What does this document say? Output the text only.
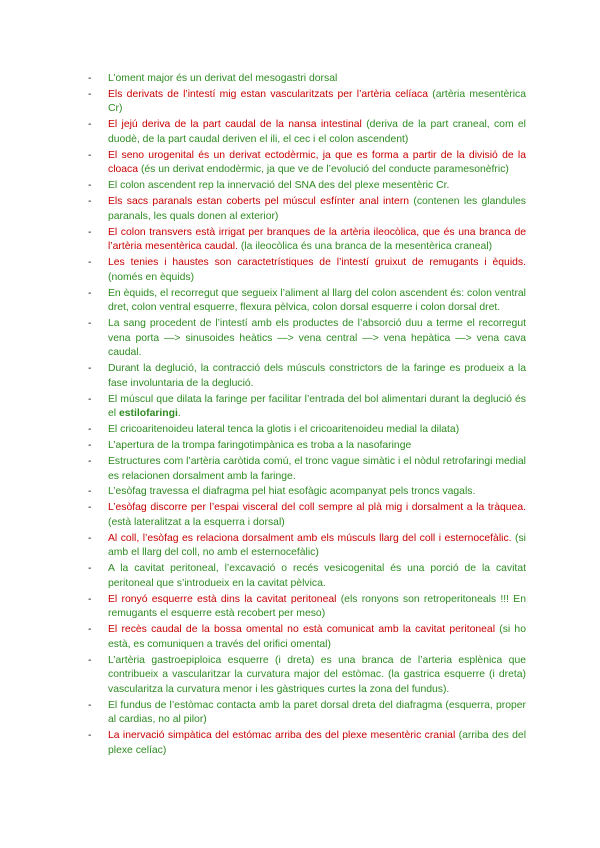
- L’oment major és un derivat del mesogastri dorsal
- Els derivats de l’intestí mig estan vascularitzats per l’artèria celíaca (artèria mesentèrica Cr)
- El jejú deriva de la part caudal de la nansa intestinal (deriva de la part craneal, com el duodè, de la part caudal deriven el ili, el cec i el colon ascendent)
- El seno urogenital és un derivat ectodèrmic, ja que es forma a partir de la divisió de la cloaca (és un derivat endodèrmic, ja que ve de l’evolució del conducte paramesonèfric)
- El colon ascendent rep la innervació del SNA des del plexe mesentèric Cr.
- Els sacs paranals estan coberts pel múscul esfínter anal intern (contenen les glandules paranals, les quals donen al exterior)
- El colon transvers està irrigat per branques de la artèria ileocòlica, que és una branca de l’artèria mesentèrica caudal. (la ileocòlica és una branca de la mesentèrica craneal)
- Les tenies i haustes son caractetrístiques de l’intestí gruixut de remugants i èquids. (només en èquids)
- En èquids, el recorregut que segueix l’aliment al llarg del colon ascendent és: colon ventral dret, colon ventral esquerre, flexura pèlvica, colon dorsal esquerre i colon dorsal dret.
- La sang procedent de l’intestí amb els productes de l’absorció duu a terme el recorregut vena porta —> sinusoides heàtics —> vena central —> vena hepàtica —> vena cava caudal.
- Durant la deglució, la contracció dels músculs constrictors de la faringe es produeix a la fase involuntaria de la deglució.
- El múscul que dilata la faringe per facilitar l’entrada del bol alimentari durant la deglució és el estilofaringi.
- El cricoaritenoideu lateral tenca la glotis i el cricoaritenoideu medial la dilata)
- L’apertura de la trompa faringotimpànica es troba a la nasofaringe
- Estructures com l’artèria caròtida comú, el tronc vague simàtic i el nòdul retrofaringi medial es relacionen dorsalment amb la faringe.
- L’esòfag travessa el diafragma pel hiat esofàgic acompanyat pels troncs vagals.
- L’esòfag discorre per l’espai visceral del coll sempre al plà mig i dorsalment a la tràquea. (està lateralitzat a la esquerra i dorsal)
- Al coll, l’esòfag es relaciona dorsalment amb els músculs llarg del coll i esternocefàlic. (si amb el llarg del coll, no amb el esternocefàlic)
- A la cavitat peritoneal, l’excavació o recés vesicogenital és una porció de la cavitat peritoneal que s’introdueix en la cavitat pèlvica.
- El ronyó esquerre està dins la cavitat peritoneal (els ronyons son retroperitoneals !!! En remugants el esquerre està recobert per meso)
- El recès caudal de la bossa omental no està comunicat amb la cavitat peritoneal (si ho està, es comuniquen a través del orifici omental)
- L’artèria gastroepiploica esquerre (i dreta) es una branca de l’arteria esplènica que contribueix a vascularitzar la curvatura major del estòmac. (la gastrica esquerre (i dreta) vascularitza la curvatura menor i les gàstriques curtes la zona del fundus).
- El fundus de l’estòmac contacta amb la paret dorsal dreta del diafragma (esquerra, proper al cardias, no al pilor)
- La inervació simpàtica del estómac arriba des del plexe mesentèric cranial (arriba des del plexe celíac)
